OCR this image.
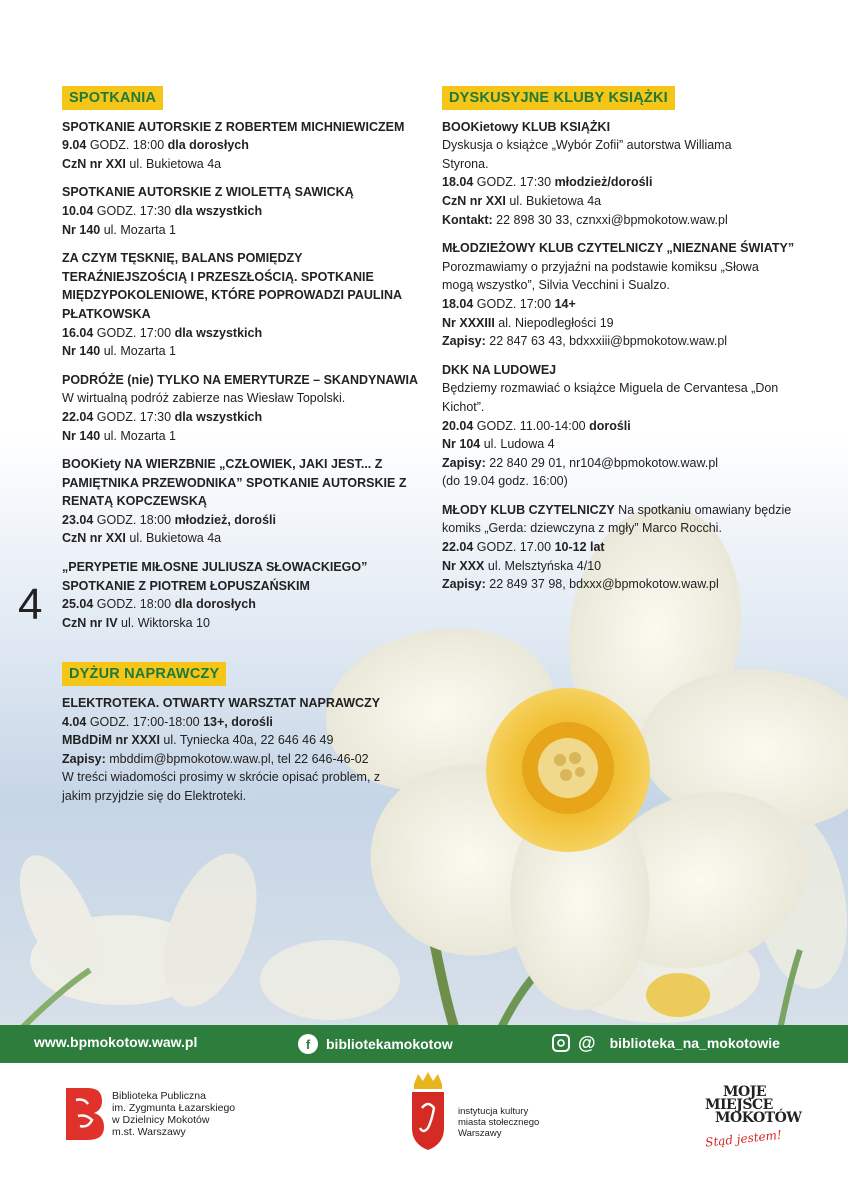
4
SPOTKANIA

SPOTKANIE AUTORSKIE Z ROBERTEM MICHNIEWICZEM

9.04 GODZ. 18:00 dla dorosłych

CzN nr XXI ul. Bukietowa 4a

SPOTKANIE AUTORSKIE Z WIOLETTĄ SAWICKĄ

10.04 GODZ. 17:30 dla wszystkich

Nr 140 ul. Mozarta 1

ZA CZYM TĘSKNIĘ, BALANS POMIĘDZY TERAŹNIEJSZOŚCIĄ I PRZESZŁOŚCIĄ. SPOTKANIE MIĘDZYPOKOLENIOWE, KTÓRE POPROWADZI PAULINA PŁATKOWSKA

16.04 GODZ. 17:00 dla wszystkich

Nr 140 ul. Mozarta 1

PODRÓŻE (nie) TYLKO NA EMERYTURZE – SKANDYNAWIA

W wirtualną podróż zabierze nas Wiesław Topolski.

22.04 GODZ. 17:30 dla wszystkich

Nr 140 ul. Mozarta 1

BOOKiety NA WIERZBNIE „CZŁOWIEK, JAKI JEST... Z PAMIĘTNIKA PRZEWODNIKA” SPOTKANIE AUTORSKIE Z RENATĄ KOPCZEWSKĄ

23.04 GODZ. 18:00 młodzież, dorośli

CzN nr XXI ul. Bukietowa 4a

„PERYPETIE MIŁOSNE JULIUSZA SŁOWACKIEGO” SPOTKANIE Z PIOTREM ŁOPUSZAŃSKIM

25.04 GODZ. 18:00 dla dorosłych

CzN nr IV ul. Wiktorska 10

DYŻUR NAPRAWCZY

ELEKTROTEKA. OTWARTY WARSZTAT NAPRAWCZY

4.04 GODZ. 17:00-18:00 13+, dorośli

MBdDiM nr XXXI ul. Tyniecka 40a, 22 646 46 49

Zapisy: mbddim@bpmokotow.waw.pl, tel 22 646-46-02

W treści wiadomości prosimy w skrócie opisać problem, z jakim przyjdzie się do Elektroteki.

DYSKUSYJNE KLUBY KSIĄŻKI

BOOKietowy KLUB KSIĄŻKI

Dyskusja o książce „Wybór Zofii” autorstwa Williama Styrona.

18.04 GODZ. 17:30 młodzież/dorośli

CzN nr XXI ul. Bukietowa 4a

Kontakt: 22 898 30 33, cznxxi@bpmokotow.waw.pl

MŁODZIEŻOWY KLUB CZYTELNICZY „NIEZNANE ŚWIATY”

Porozmawiamy o przyjaźni na podstawie komiksu „Słowa mogą wszystko”, Silvia Vecchini i Sualzo.

18.04 GODZ. 17:00 14+

Nr XXXIII al. Niepodległości 19

Zapisy: 22 847 63 43, bdxxxiii@bpmokotow.waw.pl

DKK NA LUDOWEJ

Będziemy rozmawiać o książce Miguela de Cervantesa „Don Kichot”.

20.04 GODZ. 11.00-14:00 dorośli

Nr 104 ul. Ludowa 4

Zapisy: 22 840 29 01, nr104@bpmokotow.waw.pl

(do 19.04 godz. 16:00)

MŁODY KLUB CZYTELNICZY Na spotkaniu omawiany będzie komiks „Gerda: dziewczyna z mgły” Marco Rocchi.

22.04 GODZ. 17.00 10-12 lat

Nr XXX ul. Melsztyńska 4/10

Zapisy: 22 849 37 98, bdxxx@bpmokotow.waw.pl

www.bpmokotow.waw.pl	f	bibliotekamokotow	@ biblioteka_na_mokotowie
Biblioteka Publiczna
im. Zygmunta Łazarskiego
w Dzielnicy Mokotów
m.st. Warszawy
instytucja kultury
miasta stołecznego
Warszawy
MOJE
MIEJSCE
MOKOTÓW
Stąd jestem!
